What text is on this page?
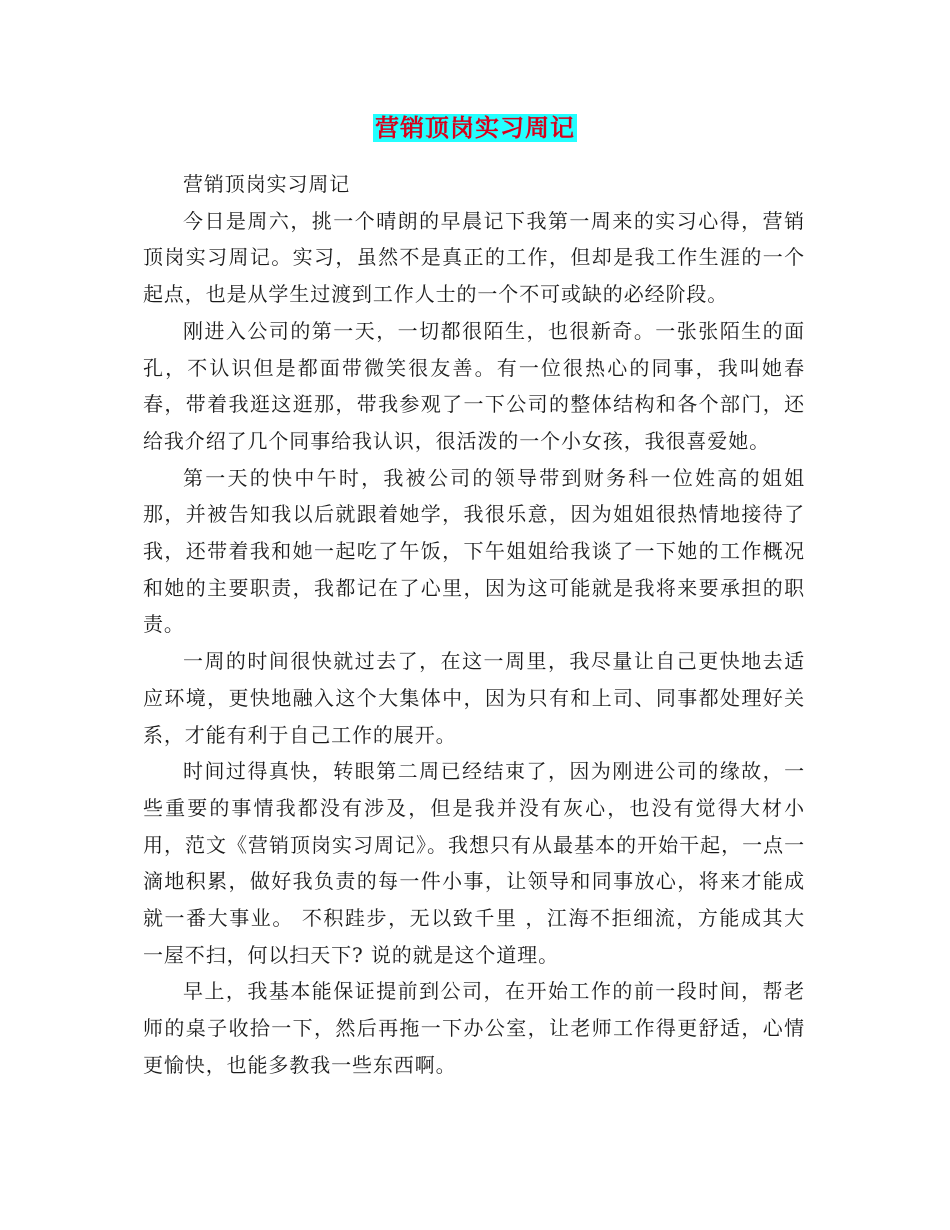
营销顶岗实习周记

营销顶岗实习周记

今日是周六，挑一个晴朗的早晨记下我第一周来的实习心得，营销顶岗实习周记。实习，虽然不是真正的工作，但却是我工作生涯的一个起点，也是从学生过渡到工作人士的一个不可或缺的必经阶段。

刚进入公司的第一天，一切都很陌生，也很新奇。一张张陌生的面孔，不认识但是都面带微笑很友善。有一位很热心的同事，我叫她春春，带着我逛这逛那，带我参观了一下公司的整体结构和各个部门，还给我介绍了几个同事给我认识，很活泼的一个小女孩，我很喜爱她。

第一天的快中午时，我被公司的领导带到财务科一位姓高的姐姐那，并被告知我以后就跟着她学，我很乐意，因为姐姐很热情地接待了我，还带着我和她一起吃了午饭，下午姐姐给我谈了一下她的工作概况和她的主要职责，我都记在了心里，因为这可能就是我将来要承担的职责。

一周的时间很快就过去了，在这一周里，我尽量让自己更快地去适应环境，更快地融入这个大集体中，因为只有和上司、同事都处理好关系，才能有利于自己工作的展开。

时间过得真快，转眼第二周已经结束了，因为刚进公司的缘故，一些重要的事情我都没有涉及，但是我并没有灰心，也没有觉得大材小用，范文《营销顶岗实习周记》。我想只有从最基本的开始干起，一点一滴地积累，做好我负责的每一件小事，让领导和同事放心，将来才能成就一番大事业。 不积跬步，无以致千里 ，江海不拒细流，方能成其大 一屋不扫，何以扫天下? 说的就是这个道理。

早上，我基本能保证提前到公司，在开始工作的前一段时间，帮老师的桌子收拾一下，然后再拖一下办公室，让老师工作得更舒适，心情更愉快，也能多教我一些东西啊。
